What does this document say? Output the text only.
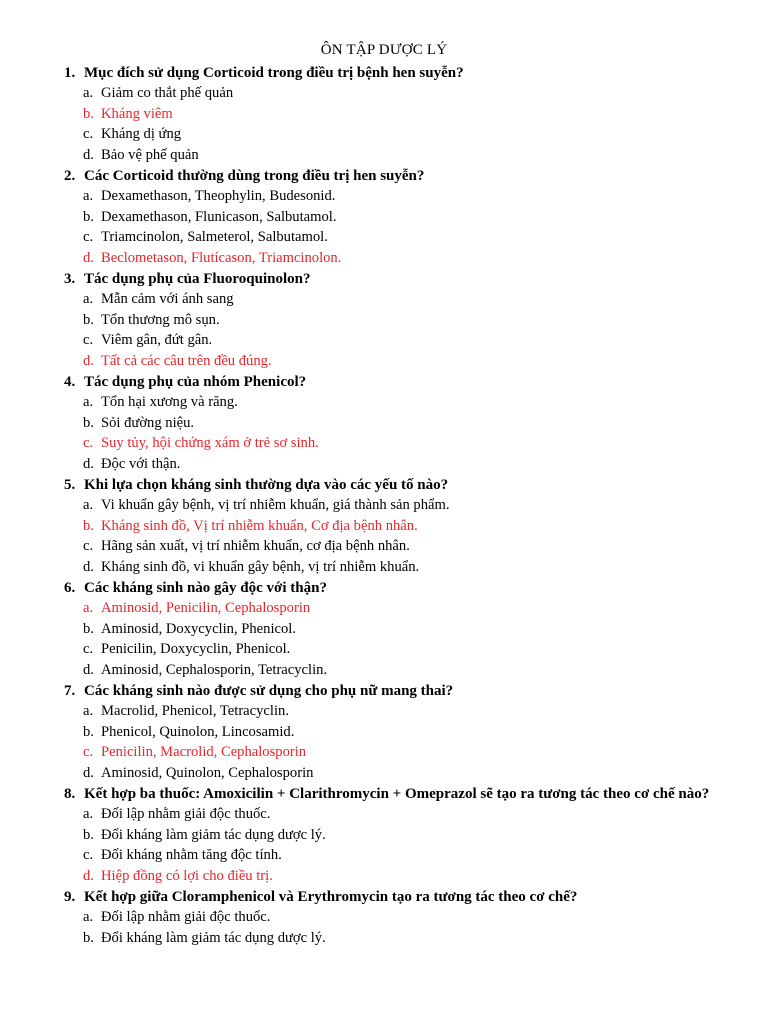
ÔN TẬP DƯỢC LÝ
1. Mục đích sử dụng Corticoid trong điều trị bệnh hen suyễn?
a. Giảm co thắt phế quản
b. Kháng viêm
c. Kháng dị ứng
d. Bảo vệ phế quản
2. Các Corticoid thường dùng trong điều trị hen suyễn?
a. Dexamethason, Theophylin, Budesonid.
b. Dexamethason, Flunicason, Salbutamol.
c. Triamcinolon, Salmeterol, Salbutamol.
d. Beclometason, Flutícason, Triamcinolon.
3. Tác dụng phụ của Fluoroquinolon?
a. Mẫn cảm với ánh sang
b. Tổn thương mô sụn.
c. Viêm gân, đứt gân.
d. Tất cả các câu trên đều đúng.
4. Tác dụng phụ của nhóm Phenicol?
a. Tổn hại xương và răng.
b. Sỏi đường niệu.
c. Suy tủy, hội chứng xám ở trẻ sơ sinh.
d. Độc với thận.
5. Khi lựa chọn kháng sinh thường dựa vào các yếu tố nào?
a. Vi khuẩn gây bệnh, vị trí nhiễm khuẩn, giá thành sản phẩm.
b. Kháng sinh đồ, Vị trí nhiễm khuẩn, Cơ địa bệnh nhân.
c. Hãng sản xuất, vị trí nhiễm khuẩn, cơ địa bệnh nhân.
d. Kháng sinh đồ, vi khuẩn gây bệnh, vị trí nhiễm khuẩn.
6. Các kháng sinh nào gây độc với thận?
a. Aminosid, Penicilin, Cephalosporin
b. Aminosid, Doxycyclin, Phenicol.
c. Penicilin, Doxycyclin, Phenicol.
d. Aminosid, Cephalosporin, Tetracyclin.
7. Các kháng sinh nào được sử dụng cho phụ nữ mang thai?
a. Macrolid, Phenicol, Tetracyclin.
b. Phenicol, Quinolon, Lincosamid.
c. Penicilin, Macrolid, Cephalosporin
d. Aminosid, Quinolon, Cephalosporin
8. Kết hợp ba thuốc: Amoxicilin + Clarithromycin + Omeprazol sẽ tạo ra tương tác theo cơ chế nào?
a. Đối lập nhằm giải độc thuốc.
b. Đối kháng làm giảm tác dụng dược lý.
c. Đối kháng nhằm tăng độc tính.
d. Hiệp đồng có lợi cho điều trị.
9. Kết hợp giữa Cloramphenicol và Erythromycin tạo ra tương tác theo cơ chế?
a. Đối lập nhằm giải độc thuốc.
b. Đối kháng làm giảm tác dụng dược lý.
